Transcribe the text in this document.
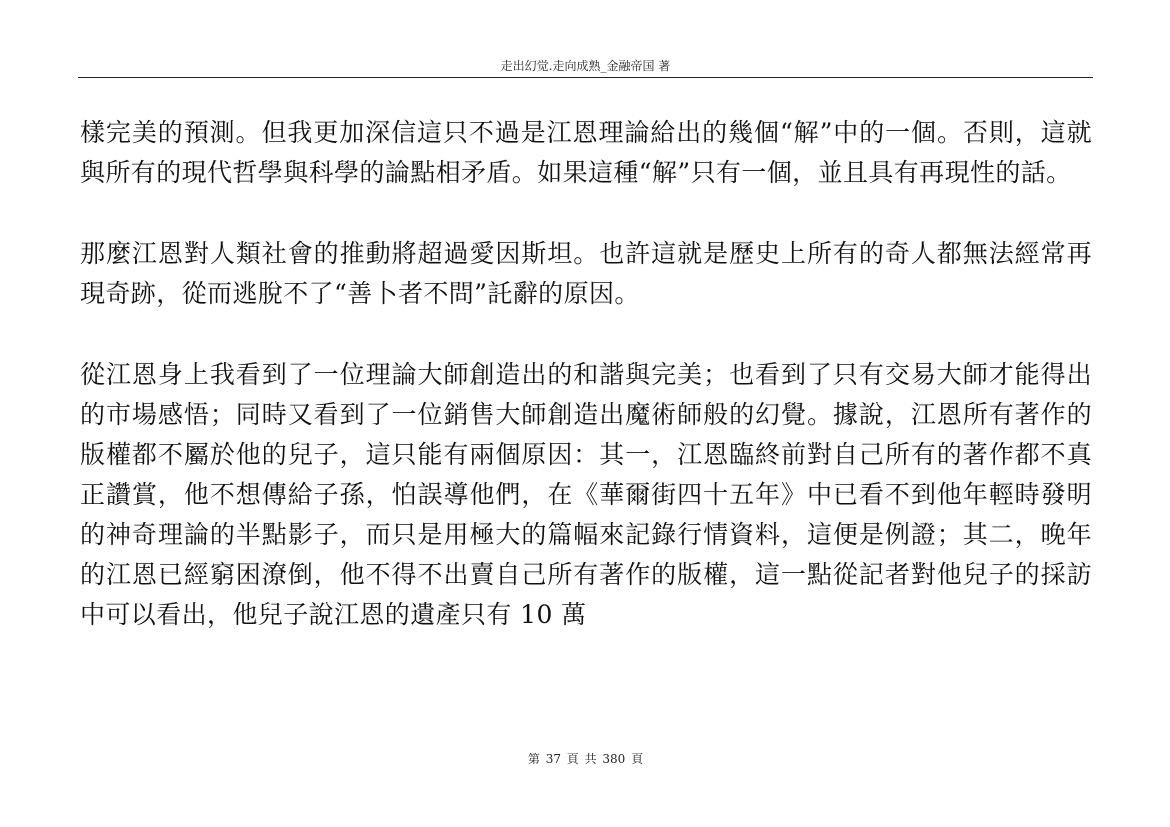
走出幻觉.走向成熟_金融帝国 著

樣完美的預測。但我更加深信這只不過是江恩理論給出的幾個“解”中的一個。否則，這就與所有的現代哲學與科學的論點相矛盾。如果這種“解”只有一個，並且具有再現性的話。

那麼江恩對人類社會的推動將超過愛因斯坦。也許這就是歷史上所有的奇人都無法經常再現奇跡，從而逃脫不了“善卜者不問”託辭的原因。

從江恩身上我看到了一位理論大師創造出的和諧與完美；也看到了只有交易大師才能得出的市場感悟；同時又看到了一位銷售大師創造出魔術師般的幻覺。據說，江恩所有著作的版權都不屬於他的兒子，這只能有兩個原因：其一，江恩臨終前對自己所有的著作都不真正讚賞，他不想傳給子孫，怕誤導他們，在《華爾街四十五年》中已看不到他年輕時發明的神奇理論的半點影子，而只是用極大的篇幅來記錄行情資料，這便是例證；其二，晚年的江恩已經窮困潦倒，他不得不出賣自己所有著作的版權，這一點從記者對他兒子的採訪中可以看出，他兒子說江恩的遺產只有 10 萬

第 37 頁 共 380 頁
